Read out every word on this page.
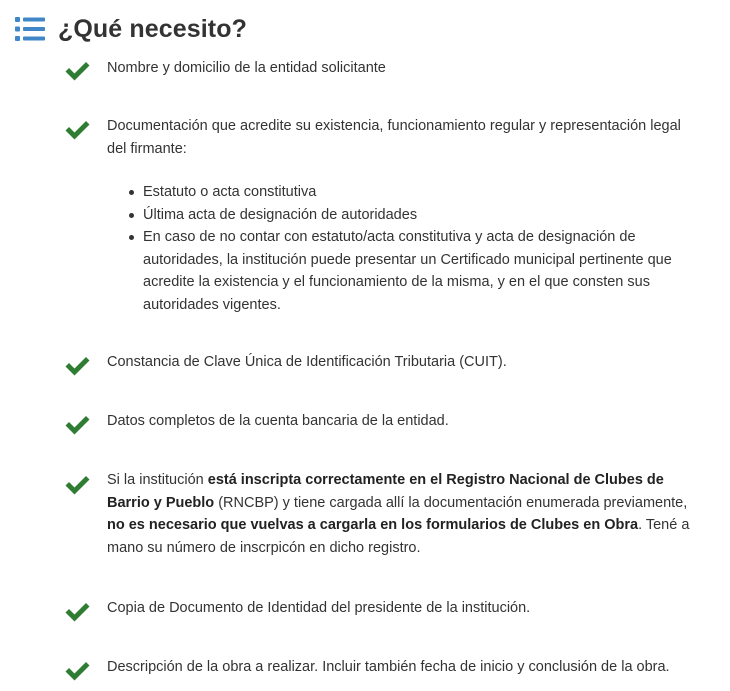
¿Qué necesito?
Nombre y domicilio de la entidad solicitante
Documentación que acredite su existencia, funcionamiento regular y representación legal del firmante:
Estatuto o acta constitutiva
Última acta de designación de autoridades
En caso de no contar con estatuto/acta constitutiva y acta de designación de autoridades, la institución puede presentar un Certificado municipal pertinente que acredite la existencia y el funcionamiento de la misma, y en el que consten sus autoridades vigentes.
Constancia de Clave Única de Identificación Tributaria (CUIT).
Datos completos de la cuenta bancaria de la entidad.
Si la institución está inscripta correctamente en el Registro Nacional de Clubes de Barrio y Pueblo (RNCBP) y tiene cargada allí la documentación enumerada previamente, no es necesario que vuelvas a cargarla en los formularios de Clubes en Obra. Tené a mano su número de inscrpicón en dicho registro.
Copia de Documento de Identidad del presidente de la institución.
Descripción de la obra a realizar. Incluir también fecha de inicio y conclusión de la obra.
